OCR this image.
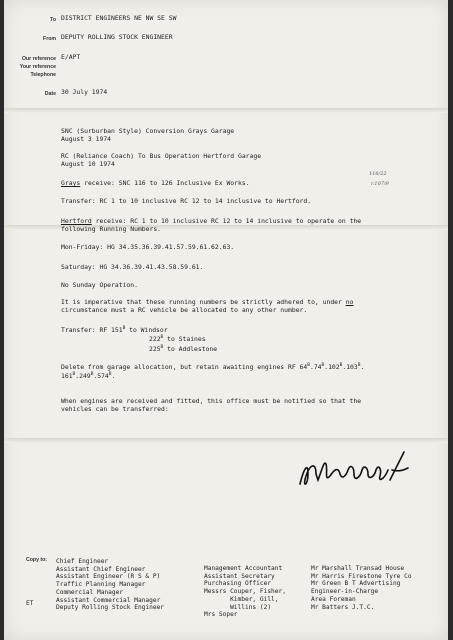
To DISTRICT ENGINEERS NE NW SE SW
From DEPUTY ROLLING STOCK ENGINEER
Our reference E/APT
Your reference
Telephone
Date 30 July 1974
SNC (Surburban Style) Conversion Grays Garage
August 3 1974
RC (Reliance Coach) To Bus Operation Hertford Garage
August 10 1974
Grays receive: SNC 116 to 126 Inclusive Ex Works.
116/22
r.107/9
Transfer: RC 1 to 10 inclusive RC 12 to 14 inclusive to Hertford.
Hertford receive: RC 1 to 10 inclusive RC 12 to 14 inclusive to operate on the
following Running Numbers.
Mon-Friday: HG 34.35.36.39.41.57.59.61.62.63.
Saturday: HG 34.36.39.41.43.58.59.61.
No Sunday Operation.
It is imperative that these running numbers be strictly adhered to, under no
circumstance must a RC vehicle be allocated to any other number.
Transfer: RF $151^B$ to Windsor
$222^B$ to Staines
$225^B$ to Addlestone
Delete from garage allocation, but retain awaiting engines RF $64^B.74^B.102^B.103^B$.
$161^B.249^B.574^B$.
When engines are received and fitted, this office must be notified so that the
vehicles can be transferred:
Copy to:
ET
Chief Engineer
Assistant Chief Engineer
Assistant Engineer (R S & P)
Traffic Planning Manager
Commercial Manager
Assistant Commercial Manager
Deputy Rolling Stock Engineer
Management Accountant
Assistant Secretary
Purchasing Officer
Messrs Couper, Fisher,
Kimber, Gill,
Willins (2)
Mrs Soper
Mr Marshall Transad House
Mr Harris Firestone Tyre Co
Mr Green B T Advertising
Engineer-in-Charge
Area Foreman
Mr Batters J.T.C.
